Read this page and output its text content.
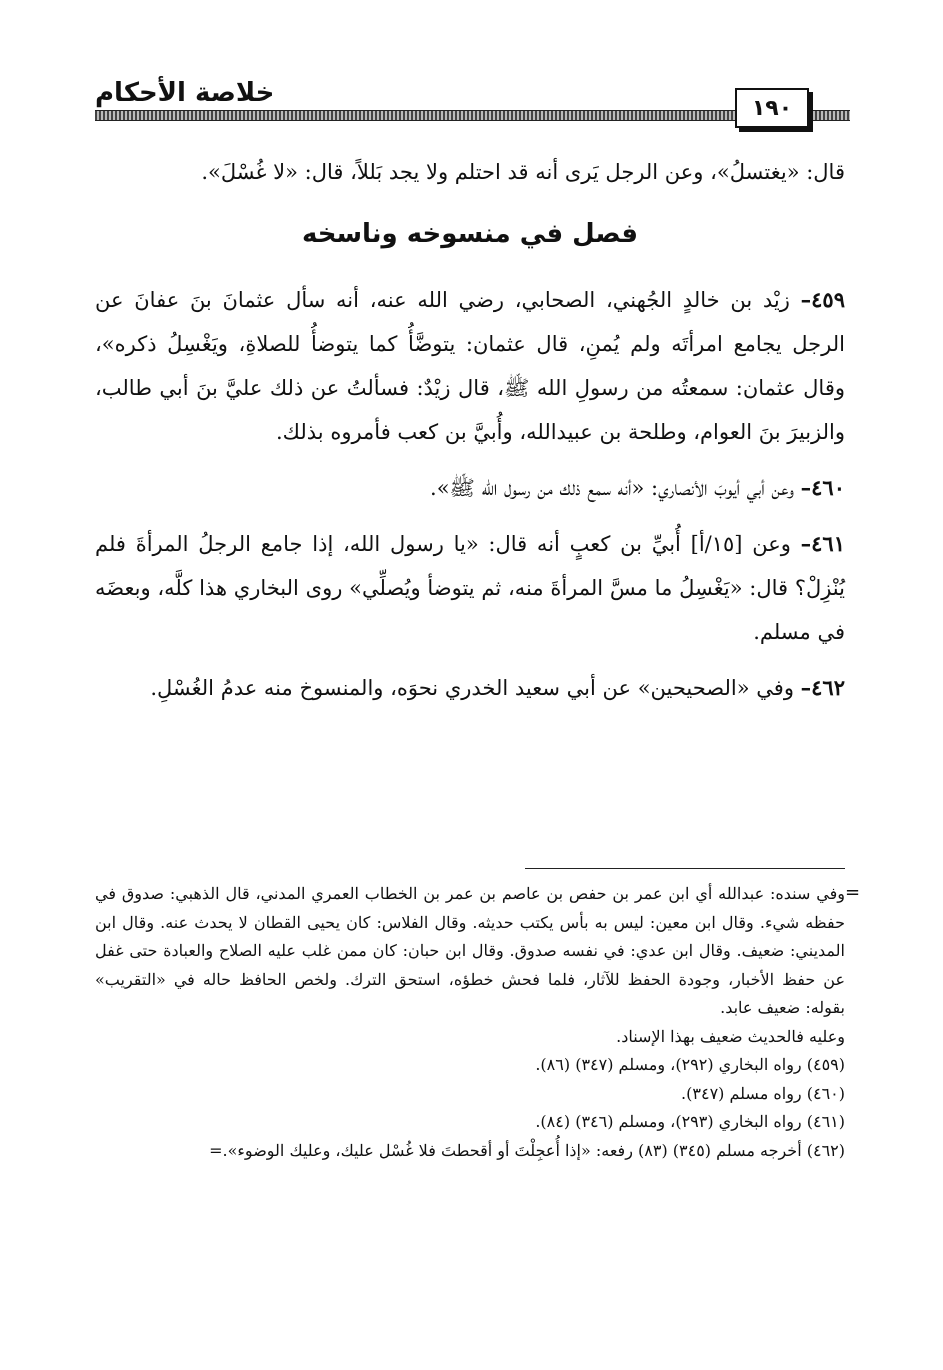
خلاصة الأحكام	١٩٠

قال: «يغتسلُ»، وعن الرجل يَرى أنه قد احتلم ولا يجد بَللاً، قال: «لا غُسْلَ».

فصل في منسوخه وناسخه

٤٥٩– زيْد بن خالدٍ الجُهني، الصحابي، رضي الله عنه، أنه سأل عثمانَ بنَ عفانَ عن الرجل يجامع امرأتَه ولم يُمنِ، قال عثمان: يتوضَّأُ كما يتوضأُ للصلاةِ، ويَغْسِلُ ذكره»، وقال عثمان: سمعتُه من رسولِ الله ﷺ، قال زيْدٌ: فسألتُ عن ذلك عليَّ بنَ أبي طالب، والزبيرَ بنَ العوام، وطلحة بن عبيدالله، وأُبيَّ بن كعب فأمروه بذلك.

٤٦٠– وعن أبي أيوبَ الأنصاري: «أنه سمع ذلك من رسول الله ﷺ».

٤٦١– وعن [١٥/أ] أُبيِّ بن كعبٍ أنه قال: «يا رسول الله، إذا جامع الرجلُ المرأةَ فلم يُنْزِلْ؟ قال: «يَغْسِلُ ما مسَّ المرأةَ منه، ثم يتوضأ ويُصلِّي» روى البخاري هذا كلَّه، وبعضَه في مسلم.

٤٦٢– وفي «الصحيحين» عن أبي سعيد الخدري نحوَه، والمنسوخ منه عدمُ الغُسْلِ.

=

وفي سنده: عبدالله أي ابن عمر بن حفص بن عاصم بن عمر بن الخطاب العمري المدني، قال الذهبي: صدوق في حفظه شيء. وقال ابن معين: ليس به بأس يكتب حديثه. وقال الفلاس: كان يحيى القطان لا يحدث عنه. وقال ابن المديني: ضعيف. وقال ابن عدي: في نفسه صدوق. وقال ابن حبان: كان ممن غلب عليه الصلاح والعبادة حتى غفل عن حفظ الأخبار، وجودة الحفظ للآثار، فلما فحش خطؤه، استحق الترك. ولخص الحافظ حاله في «التقريب» بقوله: ضعيف عابد.

وعليه فالحديث ضعيف بهذا الإسناد.

(٤٥٩) رواه البخاري (٢٩٢)، ومسلم (٣٤٧) (٨٦).

(٤٦٠) رواه مسلم (٣٤٧).

(٤٦١) رواه البخاري (٢٩٣)، ومسلم (٣٤٦) (٨٤).

(٤٦٢) أخرجه مسلم (٣٤٥) (٨٣) رفعه: «إذا أُعجِلْتَ أو أقحطتَ فلا غُسْل عليك، وعليك الوضوء».=
